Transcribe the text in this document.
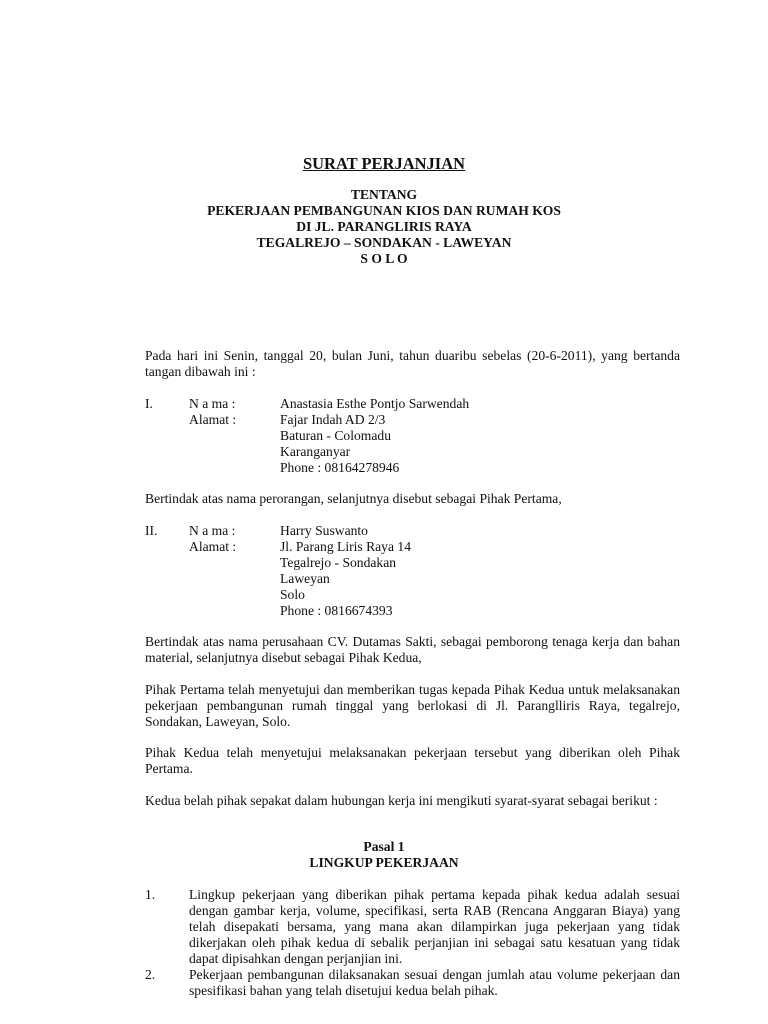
SURAT PERJANJIAN
TENTANG
PEKERJAAN PEMBANGUNAN KIOS DAN RUMAH KOS
DI JL. PARANGLIRIS RAYA
TEGALREJO – SONDAKAN - LAWEYAN
S O L O

Pada hari ini Senin, tanggal 20, bulan Juni, tahun duaribu sebelas (20-6-2011), yang bertanda tangan dibawah ini :

I.	N a ma :	Anastasia Esthe Pontjo Sarwendah
Alamat :	Fajar Indah AD 2/3
Baturan - Colomadu
Karanganyar
Phone : 08164278946

Bertindak atas nama perorangan, selanjutnya disebut sebagai Pihak Pertama,

II. N a ma :	Harry Suswanto
Alamat :	Jl. Parang Liris Raya 14
Tegalrejo - Sondakan
Laweyan
Solo
Phone : 0816674393

Bertindak atas nama perusahaan CV. Dutamas Sakti, sebagai pemborong tenaga kerja dan bahan material, selanjutnya disebut sebagai Pihak Kedua,

Pihak Pertama telah menyetujui dan memberikan tugas kepada Pihak Kedua untuk melaksanakan pekerjaan pembangunan rumah tinggal yang berlokasi di Jl. Paranglliris Raya, tegalrejo, Sondakan, Laweyan, Solo.

Pihak Kedua telah menyetujui melaksanakan pekerjaan tersebut yang diberikan oleh Pihak Pertama.

Kedua belah pihak sepakat dalam hubungan kerja ini mengikuti syarat-syarat sebagai berikut :

Pasal 1
LINGKUP PEKERJAAN
1. Lingkup pekerjaan yang diberikan pihak pertama kepada pihak kedua adalah sesuai dengan gambar kerja, volume, specifikasi, serta RAB (Rencana Anggaran Biaya) yang telah disepakati bersama, yang mana akan dilampirkan juga pekerjaan yang tidak dikerjakan oleh pihak kedua di sebalik perjanjian ini sebagai satu kesatuan yang tidak dapat dipisahkan dengan perjanjian ini.

2. Pekerjaan pembangunan dilaksanakan sesuai dengan jumlah atau volume pekerjaan dan spesifikasi bahan yang telah disetujui kedua belah pihak.
